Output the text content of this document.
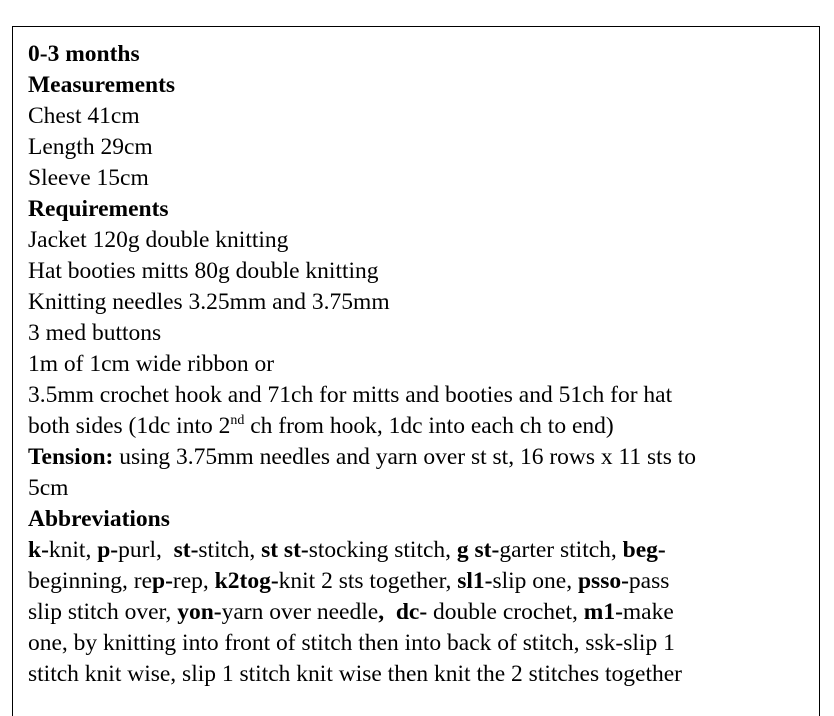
0-3 months
Measurements
Chest 41cm
Length 29cm
Sleeve 15cm
Requirements
Jacket 120g double knitting
Hat booties mitts 80g double knitting
Knitting needles 3.25mm and 3.75mm
3 med buttons
1m of 1cm wide ribbon or
3.5mm crochet hook and 71ch for mitts and booties and 51ch for hat
both sides (1dc into 2nd ch from hook, 1dc into each ch to end)
Tension: using 3.75mm needles and yarn over st st, 16 rows x 11 sts to
5cm
Abbreviations
k-knit, p-purl,  st-stitch, st st-stocking stitch, g st-garter stitch, beg-
beginning, rep-rep, k2tog-knit 2 sts together, sl1-slip one, psso-pass
slip stitch over, yon-yarn over needle,  dc- double crochet, m1-make
one, by knitting into front of stitch then into back of stitch, ssk-slip 1
stitch knit wise, slip 1 stitch knit wise then knit the 2 stitches together
